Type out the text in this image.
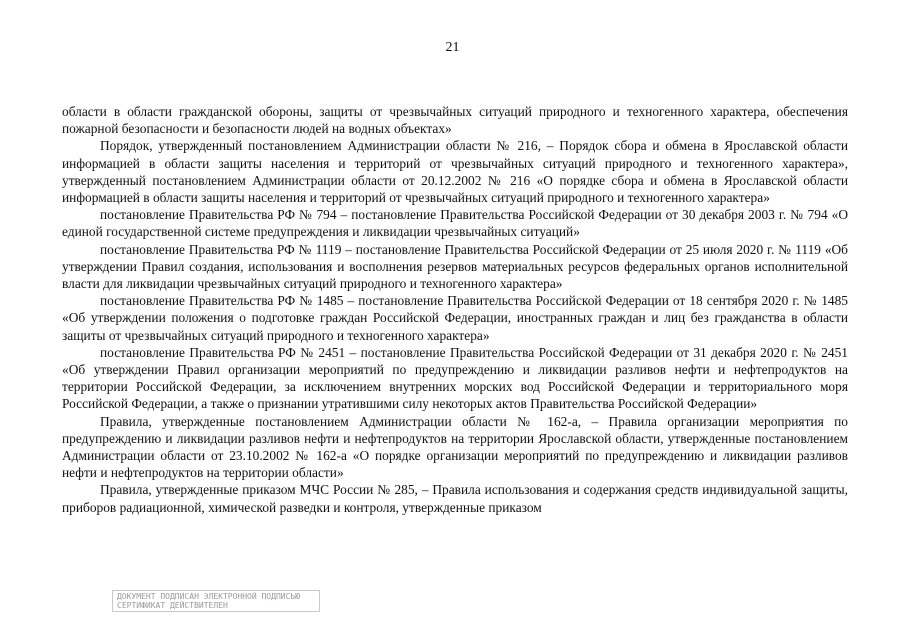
21

области в области гражданской обороны, защиты от чрезвычайных ситуаций природного и техногенного характера, обеспечения пожарной безопасности и безопасности людей на водных объектах»

Порядок, утвержденный постановлением Администрации области № 216, – Порядок сбора и обмена в Ярославской области информацией в области защиты населения и территорий от чрезвычайных ситуаций природного и техногенного характера», утвержденный постановлением Администрации области от 20.12.2002 № 216 «О порядке сбора и обмена в Ярославской области информацией в области защиты населения и территорий от чрезвычайных ситуаций природного и техногенного характера»

постановление Правительства РФ № 794 – постановление Правительства Российской Федерации от 30 декабря 2003 г. № 794 «О единой государственной системе предупреждения и ликвидации чрезвычайных ситуаций»

постановление Правительства РФ № 1119 – постановление Правительства Российской Федерации от 25 июля 2020 г. № 1119 «Об утверждении Правил создания, использования и восполнения резервов материальных ресурсов федеральных органов исполнительной власти для ликвидации чрезвычайных ситуаций природного и техногенного характера»

постановление Правительства РФ № 1485 – постановление Правительства Российской Федерации от 18 сентября 2020 г. № 1485 «Об утверждении положения о подготовке граждан Российской Федерации, иностранных граждан и лиц без гражданства в области защиты от чрезвычайных ситуаций природного и техногенного характера»

постановление Правительства РФ № 2451 – постановление Правительства Российской Федерации от 31 декабря 2020 г. № 2451 «Об утверждении Правил организации мероприятий по предупреждению и ликвидации разливов нефти и нефтепродуктов на территории Российской Федерации, за исключением внутренних морских вод Российской Федерации и территориального моря Российской Федерации, а также о признании утратившими силу некоторых актов Правительства Российской Федерации»

Правила, утвержденные постановлением Администрации области № 162-а, – Правила организации мероприятия по предупреждению и ликвидации разливов нефти и нефтепродуктов на территории Ярославской области, утвержденные постановлением Администрации области от 23.10.2002 № 162-а «О порядке организации мероприятий по предупреждению и ликвидации разливов нефти и нефтепродуктов на территории области»

Правила, утвержденные приказом МЧС России № 285, – Правила использования и содержания средств индивидуальной защиты, приборов радиационной, химической разведки и контроля, утвержденные приказом

ДОКУМЕНТ ПОДПИСАН ЭЛЕКТРОННОЙ ПОДПИСЬЮ
СЕРТИФИКАТ ДЕЙСТВИТЕЛЕН
